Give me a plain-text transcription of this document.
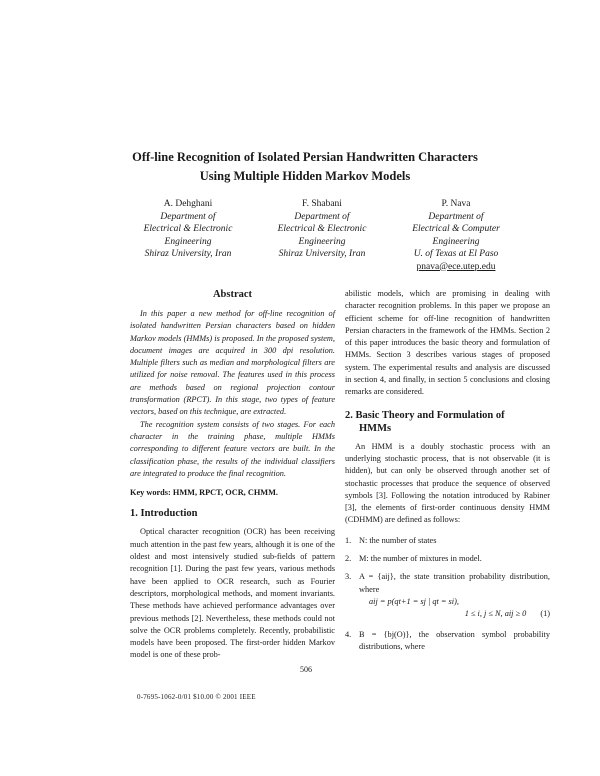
Off-line Recognition of Isolated Persian Handwritten Characters
Using Multiple Hidden Markov Models
A. Dehghani
Department of
Electrical & Electronic
Engineering
Shiraz University, Iran
F. Shabani
Department of
Electrical & Electronic
Engineering
Shiraz University, Iran
P. Nava
Department of
Electrical & Computer
Engineering
U. of Texas at El Paso
pnava@ece.utep.edu
Abstract

In this paper a new method for off-line recognition of isolated handwritten Persian characters based on hidden Markov models (HMMs) is proposed. In the proposed system, document images are acquired in 300 dpi resolution. Multiple filters such as median and morphological filters are utilized for noise removal. The features used in this process are methods based on regional projection contour transformation (RPCT). In this stage, two types of feature vectors, based on this technique, are extracted.

The recognition system consists of two stages. For each character in the training phase, multiple HMMs corresponding to different feature vectors are built. In the classification phase, the results of the individual classifiers are integrated to produce the final recognition.

Key words: HMM, RPCT, OCR, CHMM.

1. Introduction

Optical character recognition (OCR) has been receiving much attention in the past few years, although it is one of the oldest and most intensively studied sub-fields of pattern recognition [1]. During the past few years, various methods have been applied to OCR research, such as Fourier descriptors, morphological methods, and moment invariants. These methods have achieved performance advantages over previous methods [2]. Nevertheless, these methods could not solve the OCR problems completely. Recently, probabilistic models have been proposed. The first-order hidden Markov model is one of these prob-

abilistic models, which are promising in dealing with character recognition problems. In this paper we propose an efficient scheme for off-line recognition of handwritten Persian characters in the framework of the HMMs. Section 2 of this paper introduces the basic theory and formulation of HMMs. Section 3 describes various stages of proposed system. The experimental results and analysis are discussed in section 4, and finally, in section 5 conclusions and closing remarks are considered.

2. Basic Theory and Formulation of
HMMs

An HMM is a doubly stochastic process with an underlying stochastic process, that is not observable (it is hidden), but can only be observed through another set of stochastic processes that produce the sequence of observed symbols [3]. Following the notation introduced by Rabiner [3], the elements of first-order continuous density HMM (CDHMM) are defined as follows:

1. N: the number of states
2. M: the number of mixtures in model.
3. A = {aij}, the state transition probability distribution, where
aij = p(qt+1 = sj | qt = si),
1 ≤ i, j ≤ N, aij ≥ 0 (1)
4. B = {bj(O)}, the observation symbol probability distributions, where
506
0-7695-1062-0/01 $10.00 © 2001 IEEE
